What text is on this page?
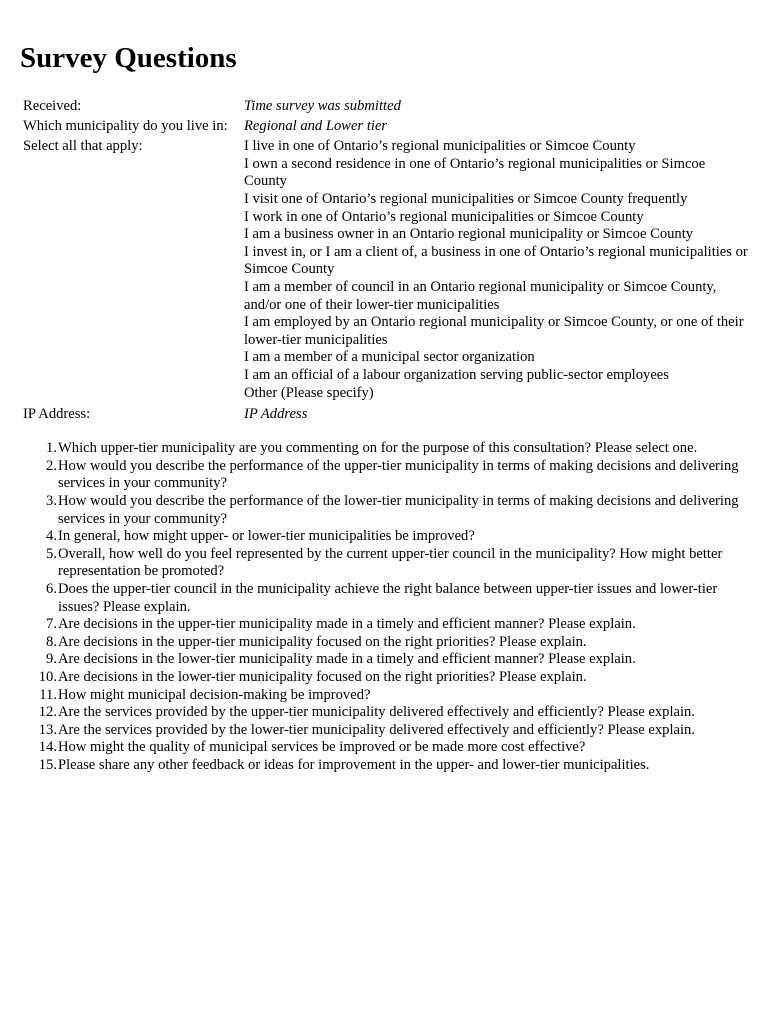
Survey Questions
Received:	Time survey was submitted
Which municipality do you live in:	Regional and Lower tier
Select all that apply:	I live in one of Ontario’s regional municipalities or Simcoe County
I own a second residence in one of Ontario’s regional municipalities or Simcoe County
I visit one of Ontario’s regional municipalities or Simcoe County frequently
I work in one of Ontario’s regional municipalities or Simcoe County
I am a business owner in an Ontario regional municipality or Simcoe County
I invest in, or I am a client of, a business in one of Ontario’s regional municipalities or Simcoe County
I am a member of council in an Ontario regional municipality or Simcoe County, and/or one of their lower-tier municipalities
I am employed by an Ontario regional municipality or Simcoe County, or one of their lower-tier municipalities
I am a member of a municipal sector organization
I am an official of a labour organization serving public-sector employees
Other (Please specify)
IP Address:	IP Address
1. Which upper-tier municipality are you commenting on for the purpose of this consultation? Please select one.
2. How would you describe the performance of the upper-tier municipality in terms of making decisions and delivering services in your community?
3. How would you describe the performance of the lower-tier municipality in terms of making decisions and delivering services in your community?
4. In general, how might upper- or lower-tier municipalities be improved?
5. Overall, how well do you feel represented by the current upper-tier council in the municipality? How might better representation be promoted?
6. Does the upper-tier council in the municipality achieve the right balance between upper-tier issues and lower-tier issues? Please explain.
7. Are decisions in the upper-tier municipality made in a timely and efficient manner? Please explain.
8. Are decisions in the upper-tier municipality focused on the right priorities? Please explain.
9. Are decisions in the lower-tier municipality made in a timely and efficient manner? Please explain.
10. Are decisions in the lower-tier municipality focused on the right priorities? Please explain.
11. How might municipal decision-making be improved?
12. Are the services provided by the upper-tier municipality delivered effectively and efficiently? Please explain.
13. Are the services provided by the lower-tier municipality delivered effectively and efficiently? Please explain.
14. How might the quality of municipal services be improved or be made more cost effective?
15. Please share any other feedback or ideas for improvement in the upper- and lower-tier municipalities.
